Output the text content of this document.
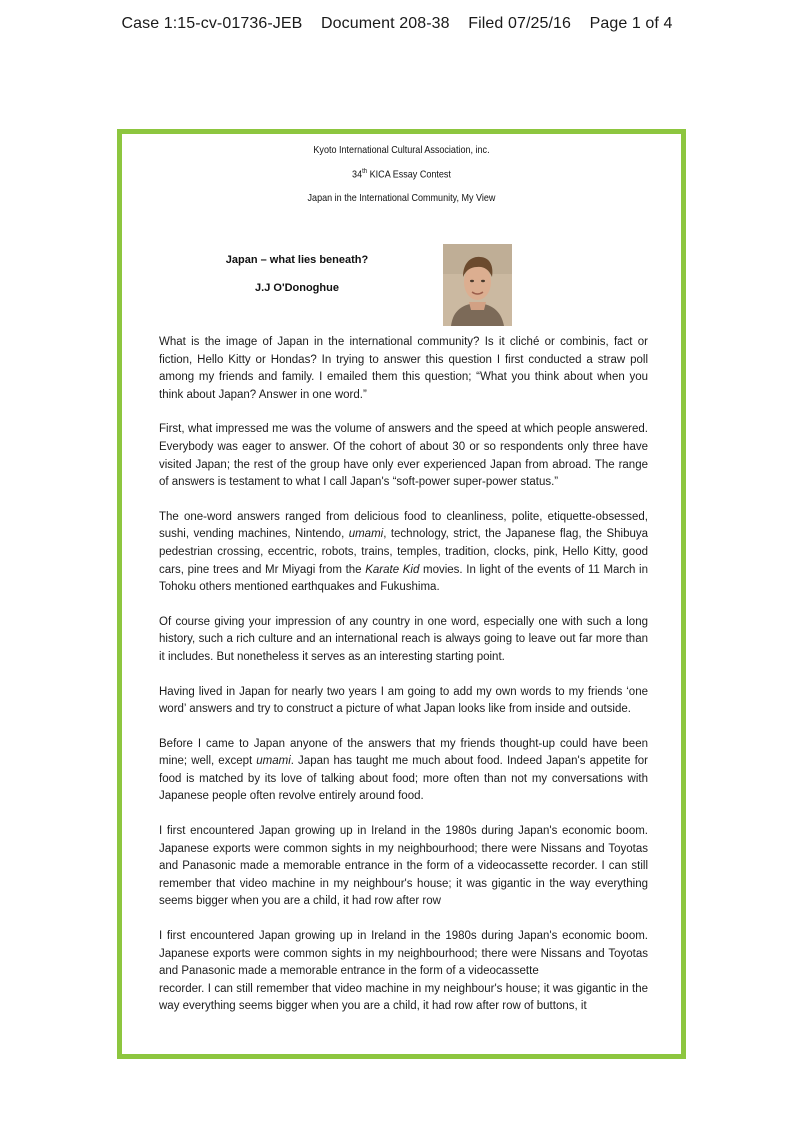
Case 1:15-cv-01736-JEB Document 208-38 Filed 07/25/16 Page 1 of 4
Kyoto International Cultural Association, inc.
34th KICA Essay Contest
Japan in the International Community, My View
Japan – what lies beneath?
J.J O'Donoghue

What is the image of Japan in the international community? Is it cliché or combinis, fact or fiction, Hello Kitty or Hondas? In trying to answer this question I first conducted a straw poll among my friends and family. I emailed them this question; “What you think about when you think about Japan? Answer in one word.”

First, what impressed me was the volume of answers and the speed at which people answered. Everybody was eager to answer. Of the cohort of about 30 or so respondents only three have visited Japan; the rest of the group have only ever experienced Japan from abroad. The range of answers is testament to what I call Japan's “soft-power super-power status.”

The one-word answers ranged from delicious food to cleanliness, polite, etiquette-obsessed, sushi, vending machines, Nintendo, umami, technology, strict, the Japanese flag, the Shibuya pedestrian crossing, eccentric, robots, trains, temples, tradition, clocks, pink, Hello Kitty, good cars, pine trees and Mr Miyagi from the Karate Kid movies. In light of the events of 11 March in Tohoku others mentioned earthquakes and Fukushima.

Of course giving your impression of any country in one word, especially one with such a long history, such a rich culture and an international reach is always going to leave out far more than it includes. But nonetheless it serves as an interesting starting point.

Having lived in Japan for nearly two years I am going to add my own words to my friends ‘one word’ answers and try to construct a picture of what Japan looks like from inside and outside.

Before I came to Japan anyone of the answers that my friends thought-up could have been mine; well, except umami. Japan has taught me much about food. Indeed Japan's appetite for food is matched by its love of talking about food; more often than not my conversations with Japanese people often revolve entirely around food.

I first encountered Japan growing up in Ireland in the 1980s during Japan's economic boom. Japanese exports were common sights in my neighbourhood; there were Nissans and Toyotas and Panasonic made a memorable entrance in the form of a videocassette recorder. I can still remember that video machine in my neighbour's house; it was gigantic in the way everything seems bigger when you are a child, it had row after row

I first encountered Japan growing up in Ireland in the 1980s during Japan's economic boom. Japanese exports were common sights in my neighbourhood; there were Nissans and Toyotas and Panasonic made a memorable entrance in the form of a videocassette
recorder. I can still remember that video machine in my neighbour's house; it was gigantic in the way everything seems bigger when you are a child, it had row after row of buttons, it
